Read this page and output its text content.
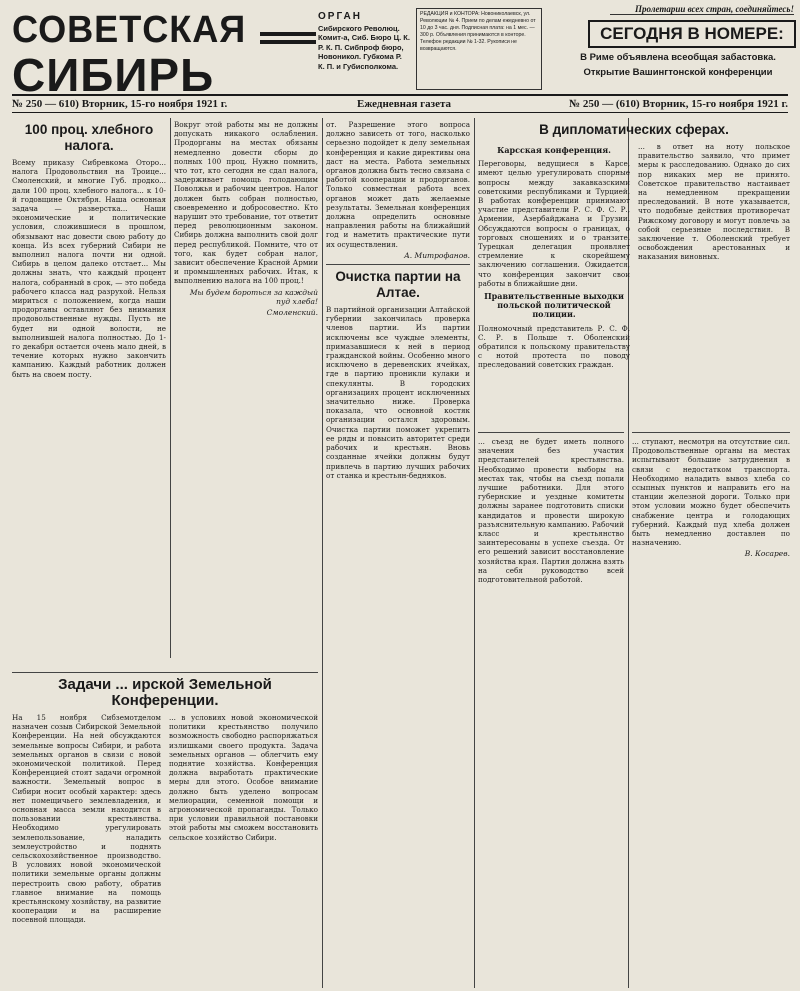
СОВЕТСКАЯ
СИБИРЬ
ОРГАН
Сибирского Революц. Комит-а, Сиб. Бюро Ц. К. Р. К. П. Сибпроф бюро, Новоникол. Губкома Р. К. П. и Губисполкома.
РЕДАКЦИЯ и КОНТОРА: Новониколаевск, ул. Революции № 4. Прием по делам ежедневно от 10 до 3 час. дня. Подписная плата: на 1 мес. — 300 р. Объявления принимаются в конторе. Телефон редакции № 1-32. Рукописи не возвращаются.
Пролетарии всех стран, соединяйтесь!
СЕГОДНЯ В НОМЕРЕ:
В Риме объявлена всеобщая забастовка.
Открытие Вашингтонской конференции
№ 250 — 610) Вторник, 15-го ноября 1921 г.	Ежедневная газета	№ 250 — (610) Вторник, 15-го ноября 1921 г.
100 проц. хлебного налога.
Всему приказу Сибревкома Оторо... налога Продовольствия на Троице... Смоленский, и многие Губ. продко... дали 100 проц. хлебного налога... к 10-й годовщине Октября. Наша основная задача — разверстка... Наши экономические и политические условия, сложившиеся в прошлом, обязывают нас довести свою работу до конца. Из всех губерний Сибири не выполнил налога почти ни одной. Сибирь в целом далеко отстает... Мы должны знать, что каждый процент налога, собранный в срок, — это победа рабочего класса над разрухой. Нельзя мириться с положением, когда наши продорганы оставляют без внимания продовольственные нужды. Пусть не будет ни одной волости, не выполнившей налога полностью. До 1-го декабря остается очень мало дней, в течение которых нужно закончить кампанию. Каждый работник должен быть на своем посту.
Вокруг этой работы мы не должны допускать никакого ослабления. Продорганы на местах обязаны немедленно довести сборы до полных 100 проц. Нужно помнить, что тот, кто сегодня не сдал налога, задерживает помощь голодающим Поволжья и рабочим центров. Налог должен быть собран полностью, своевременно и добросовестно. Кто нарушит это требование, тот ответит перед революционным законом. Сибирь должна выполнить свой долг перед республикой. Помните, что от того, как будет собран налог, зависит обеспечение Красной Армии и промышленных рабочих. Итак, к выполнению налога на 100 проц.!
Мы будем бороться за каждый пуд хлеба!
Смоленский.
Задачи ... ирской Земельной Конференции.
На 15 ноября Сибземотделом назначен созыв Сибирской Земельной Конференции. На ней обсуждаются земельные вопросы Сибири, и работа земельных органов в связи с новой экономической политикой. Перед Конференцией стоят задачи огромной важности. Земельный вопрос в Сибири носит особый характер: здесь нет помещичьего землевладения, и основная масса земли находится в пользовании крестьянства. Необходимо урегулировать землепользование, наладить землеустройство и поднять сельскохозяйственное производство. В условиях новой экономической политики земельные органы должны перестроить свою работу, обратив главное внимание на помощь крестьянскому хозяйству, на развитие кооперации и на расширение посевной площади.
... в условиях новой экономической политики крестьянство получило возможность свободно распоряжаться излишками своего продукта. Задача земельных органов — облегчить ему поднятие хозяйства. Конференция должна выработать практические меры для этого. Особое внимание должно быть уделено вопросам мелиорации, семенной помощи и агрономической пропаганды. Только при условии правильной постановки этой работы мы сможем восстановить сельское хозяйство Сибири.
от. Разрешение этого вопроса должно зависеть от того, насколько серьезно подойдет к делу земельная конференция и какие директивы она даст на места. Работа земельных органов должна быть тесно связана с работой кооперации и продорганов. Только совместная работа всех органов может дать желаемые результаты. Земельная конференция должна определить основные направления работы на ближайший год и наметить практические пути их осуществления.
А. Митрофанов.
Очистка партии на Алтае.
В партийной организации Алтайской губернии закончилась проверка членов партии. Из партии исключены все чуждые элементы, примазавшиеся к ней в период гражданской войны. Особенно много исключено в деревенских ячейках, где в партию проникли кулаки и спекулянты. В городских организациях процент исключенных значительно ниже. Проверка показала, что основной костяк организации остался здоровым. Очистка партии поможет укрепить ее ряды и повысить авторитет среди рабочих и крестьян. Вновь созданные ячейки должны будут привлечь в партию лучших рабочих от станка и крестьян-бедняков.
В дипломатических сферах.
Карсская конференция.
Переговоры, ведущиеся в Карсе, имеют целью урегулировать спорные вопросы между закавказскими советскими республиками и Турцией. В работах конференции принимают участие представители Р. С. Ф. С. Р., Армении, Азербайджана и Грузии. Обсуждаются вопросы о границах, о торговых сношениях и о транзите. Турецкая делегация проявляет стремление к скорейшему заключению соглашения. Ожидается, что конференция закончит свои работы в ближайшие дни.
Правительственные выходки польской политической полиции.
Полномочный представитель Р. С. Ф. С. Р. в Польше т. Оболенский обратился к польскому правительству с нотой протеста по поводу преследований советских граждан.
... в ответ на ноту польское правительство заявило, что примет меры к расследованию. Однако до сих пор никаких мер не принято. Советское правительство настаивает на немедленном прекращении преследований. В ноте указывается, что подобные действия противоречат Рижскому договору и могут повлечь за собой серьезные последствия. В заключение т. Оболенский требует освобождения арестованных и наказания виновных.
... съезд не будет иметь полного значения без участия представителей крестьянства. Необходимо провести выборы на местах так, чтобы на съезд попали лучшие работники. Для этого губернские и уездные комитеты должны заранее подготовить списки кандидатов и провести широкую разъяснительную кампанию. Рабочий класс и крестьянство заинтересованы в успехе съезда. От его решений зависит восстановление хозяйства края. Партия должна взять на себя руководство всей подготовительной работой.
... ступают, несмотря на отсутствие сил. Продовольственные органы на местах испытывают большие затруднения в связи с недостатком транспорта. Необходимо наладить вывоз хлеба со ссыпных пунктов и направить его на станции железной дороги. Только при этом условии можно будет обеспечить снабжение центра и голодающих губерний. Каждый пуд хлеба должен быть немедленно доставлен по назначению.
В. Косарев.
